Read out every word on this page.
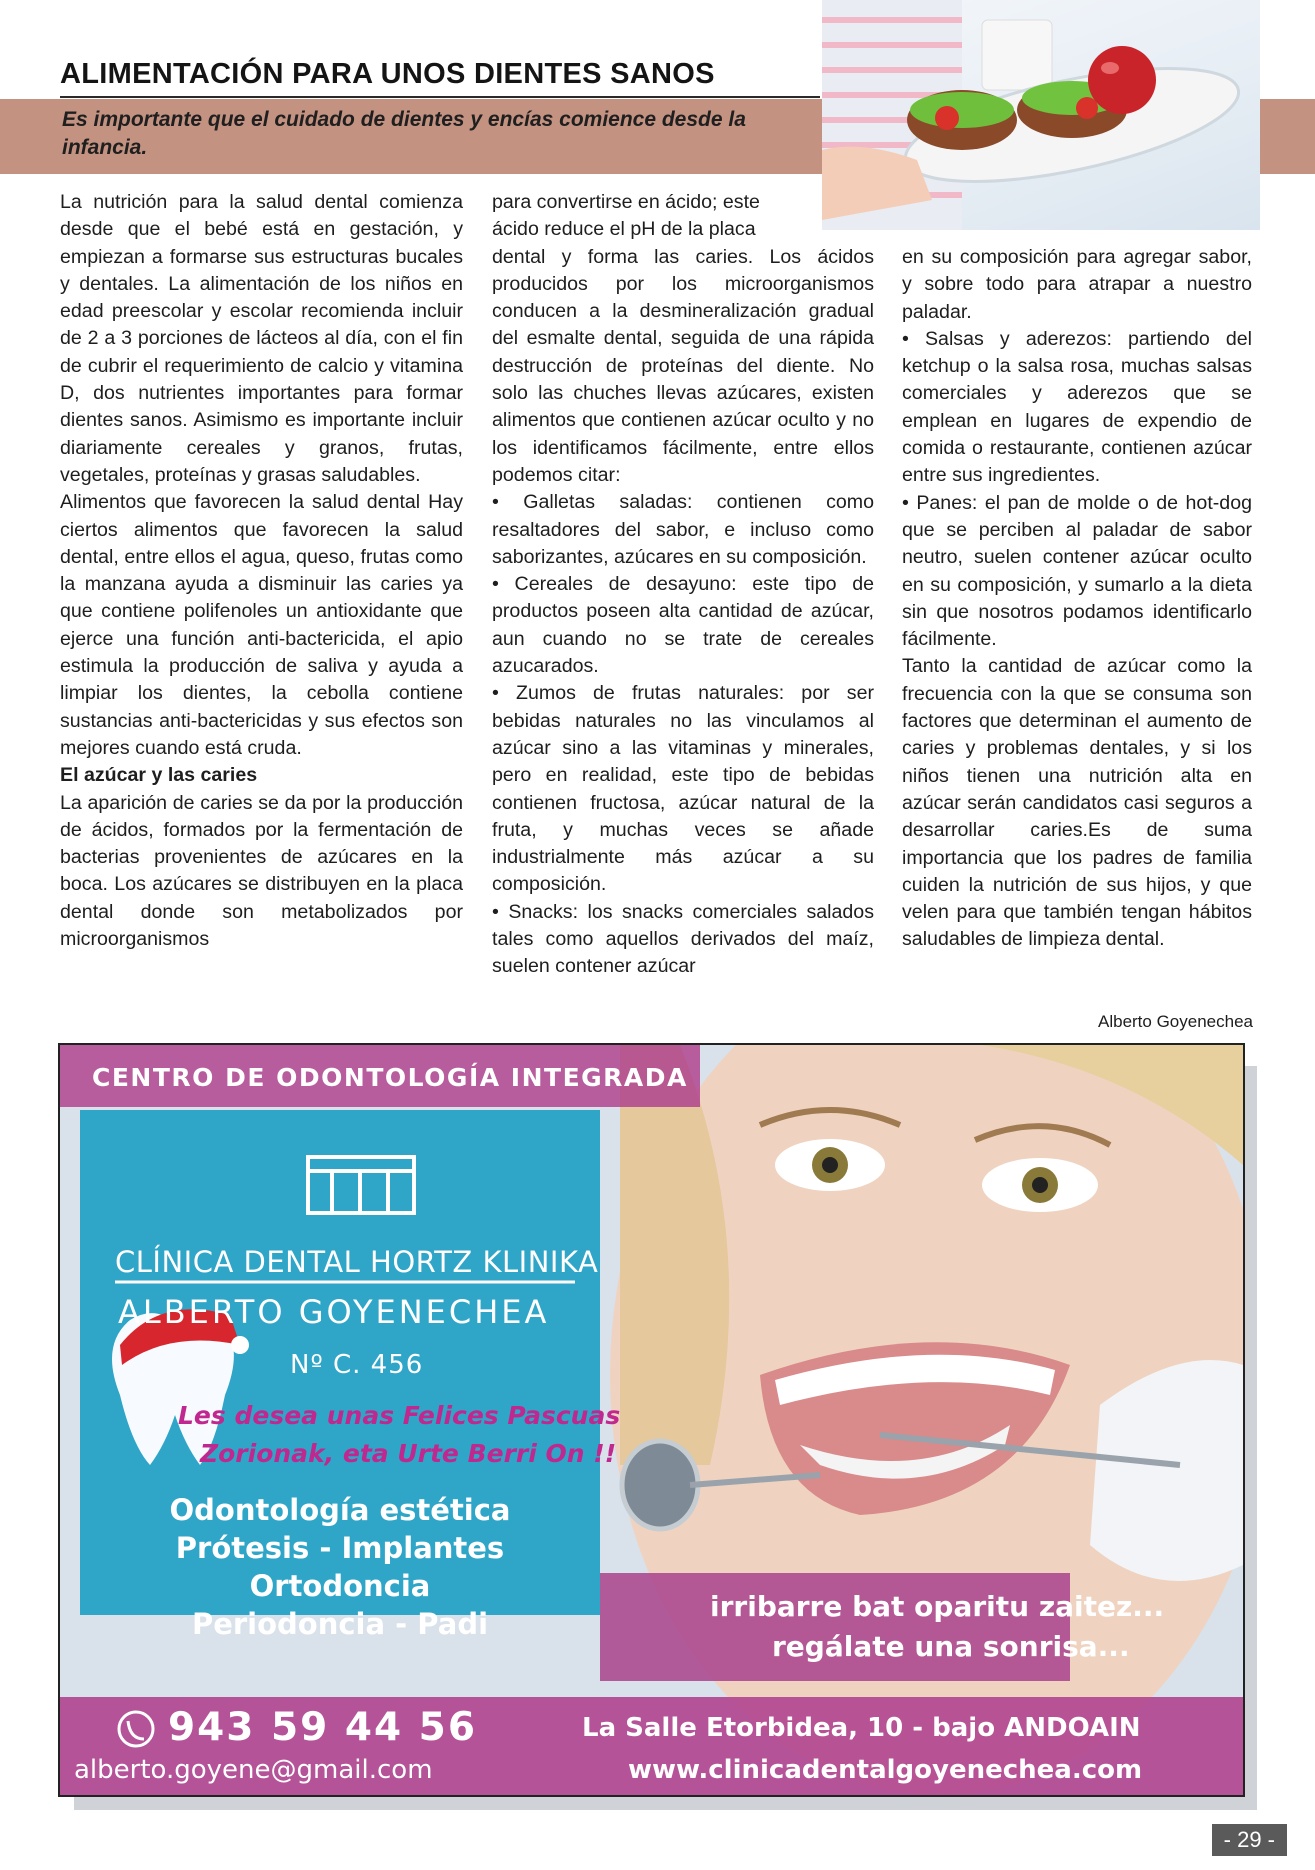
ALIMENTACIÓN PARA UNOS DIENTES SANOS

Es importante que el cuidado de dientes y encías comience desde la infancia.

La nutrición para la salud dental comienza desde que el bebé está en gestación, y empiezan a formarse sus estructuras bucales y dentales. La alimentación de los niños en edad preescolar y escolar recomienda incluir de 2 a 3 porciones de lácteos al día, con el fin de cubrir el requerimiento de calcio y vitamina D, dos nutrientes importantes para formar dientes sanos. Asimismo es importante incluir diariamente cereales y granos, frutas, vegetales, proteínas y grasas saludables.

Alimentos que favorecen la salud dental Hay ciertos alimentos que favorecen la salud dental, entre ellos el agua, queso, frutas como la manzana ayuda a disminuir las caries ya que contiene polifenoles un antioxidante que ejerce una función anti-bactericida, el apio estimula la producción de saliva y ayuda a limpiar los dientes, la cebolla contiene sustancias anti-bactericidas y sus efectos son mejores cuando está cruda.

El azúcar y las caries

La aparición de caries se da por la producción de ácidos, formados por la fermentación de bacterias provenientes de azúcares en la boca. Los azúcares se distribuyen en la placa dental donde son metabolizados por microorganismos

para convertirse en ácido; este ácido reduce el pH de la placa

dental y forma las caries. Los ácidos producidos por los microorganismos conducen a la desmineralización gradual del esmalte dental, seguida de una rápida destrucción de proteínas del diente. No solo las chuches llevas azúcares, existen alimentos que contienen azúcar oculto y no los identificamos fácilmente, entre ellos podemos citar:

• Galletas saladas: contienen como resaltadores del sabor, e incluso como saborizantes, azúcares en su composición.

• Cereales de desayuno: este tipo de productos poseen alta cantidad de azúcar, aun cuando no se trate de cereales azucarados.

• Zumos de frutas naturales: por ser bebidas naturales no las vinculamos al azúcar sino a las vitaminas y minerales, pero en realidad, este tipo de bebidas contienen fructosa, azúcar natural de la fruta, y muchas veces se añade industrialmente más azúcar a su composición.

• Snacks: los snacks comerciales salados tales como aquellos derivados del maíz, suelen contener azúcar

en su composición para agregar sabor, y sobre todo para atrapar a nuestro paladar.

• Salsas y aderezos: partiendo del ketchup o la salsa rosa, muchas salsas comerciales y aderezos que se emplean en lugares de expendio de comida o restaurante, contienen azúcar entre sus ingredientes.

• Panes: el pan de molde o de hot-dog que se perciben al paladar de sabor neutro, suelen contener azúcar oculto en su composición, y sumarlo a la dieta sin que nosotros podamos identificarlo fácilmente.

Tanto la cantidad de azúcar como la frecuencia con la que se consuma son factores que determinan el aumento de caries y problemas dentales, y si los niños tienen una nutrición alta en azúcar serán candidatos casi seguros a desarrollar caries.Es de suma importancia que los padres de familia cuiden la nutrición de sus hijos, y que velen para que también tengan hábitos saludables de limpieza dental.

Alberto Goyenechea

CENTRO DE ODONTOLOGÍA INTEGRADA

CLÍNICA DENTAL HORTZ KLINIKA

ALBERTO GOYENECHEA

Nº C. 456

Les desea unas Felices Pascuas

Zorionak, eta Urte Berri On !!

Odontología estética
Prótesis - Implantes
Ortodoncia
Periodoncia - Padi

irribarre bat oparitu zaitez...

regálate una sonrisa...

943 59 44 56	La Salle Etorbidea, 10 - bajo ANDOAIN

alberto.goyene@gmail.com	www.clinicadentalgoyenechea.com

- 29 -
